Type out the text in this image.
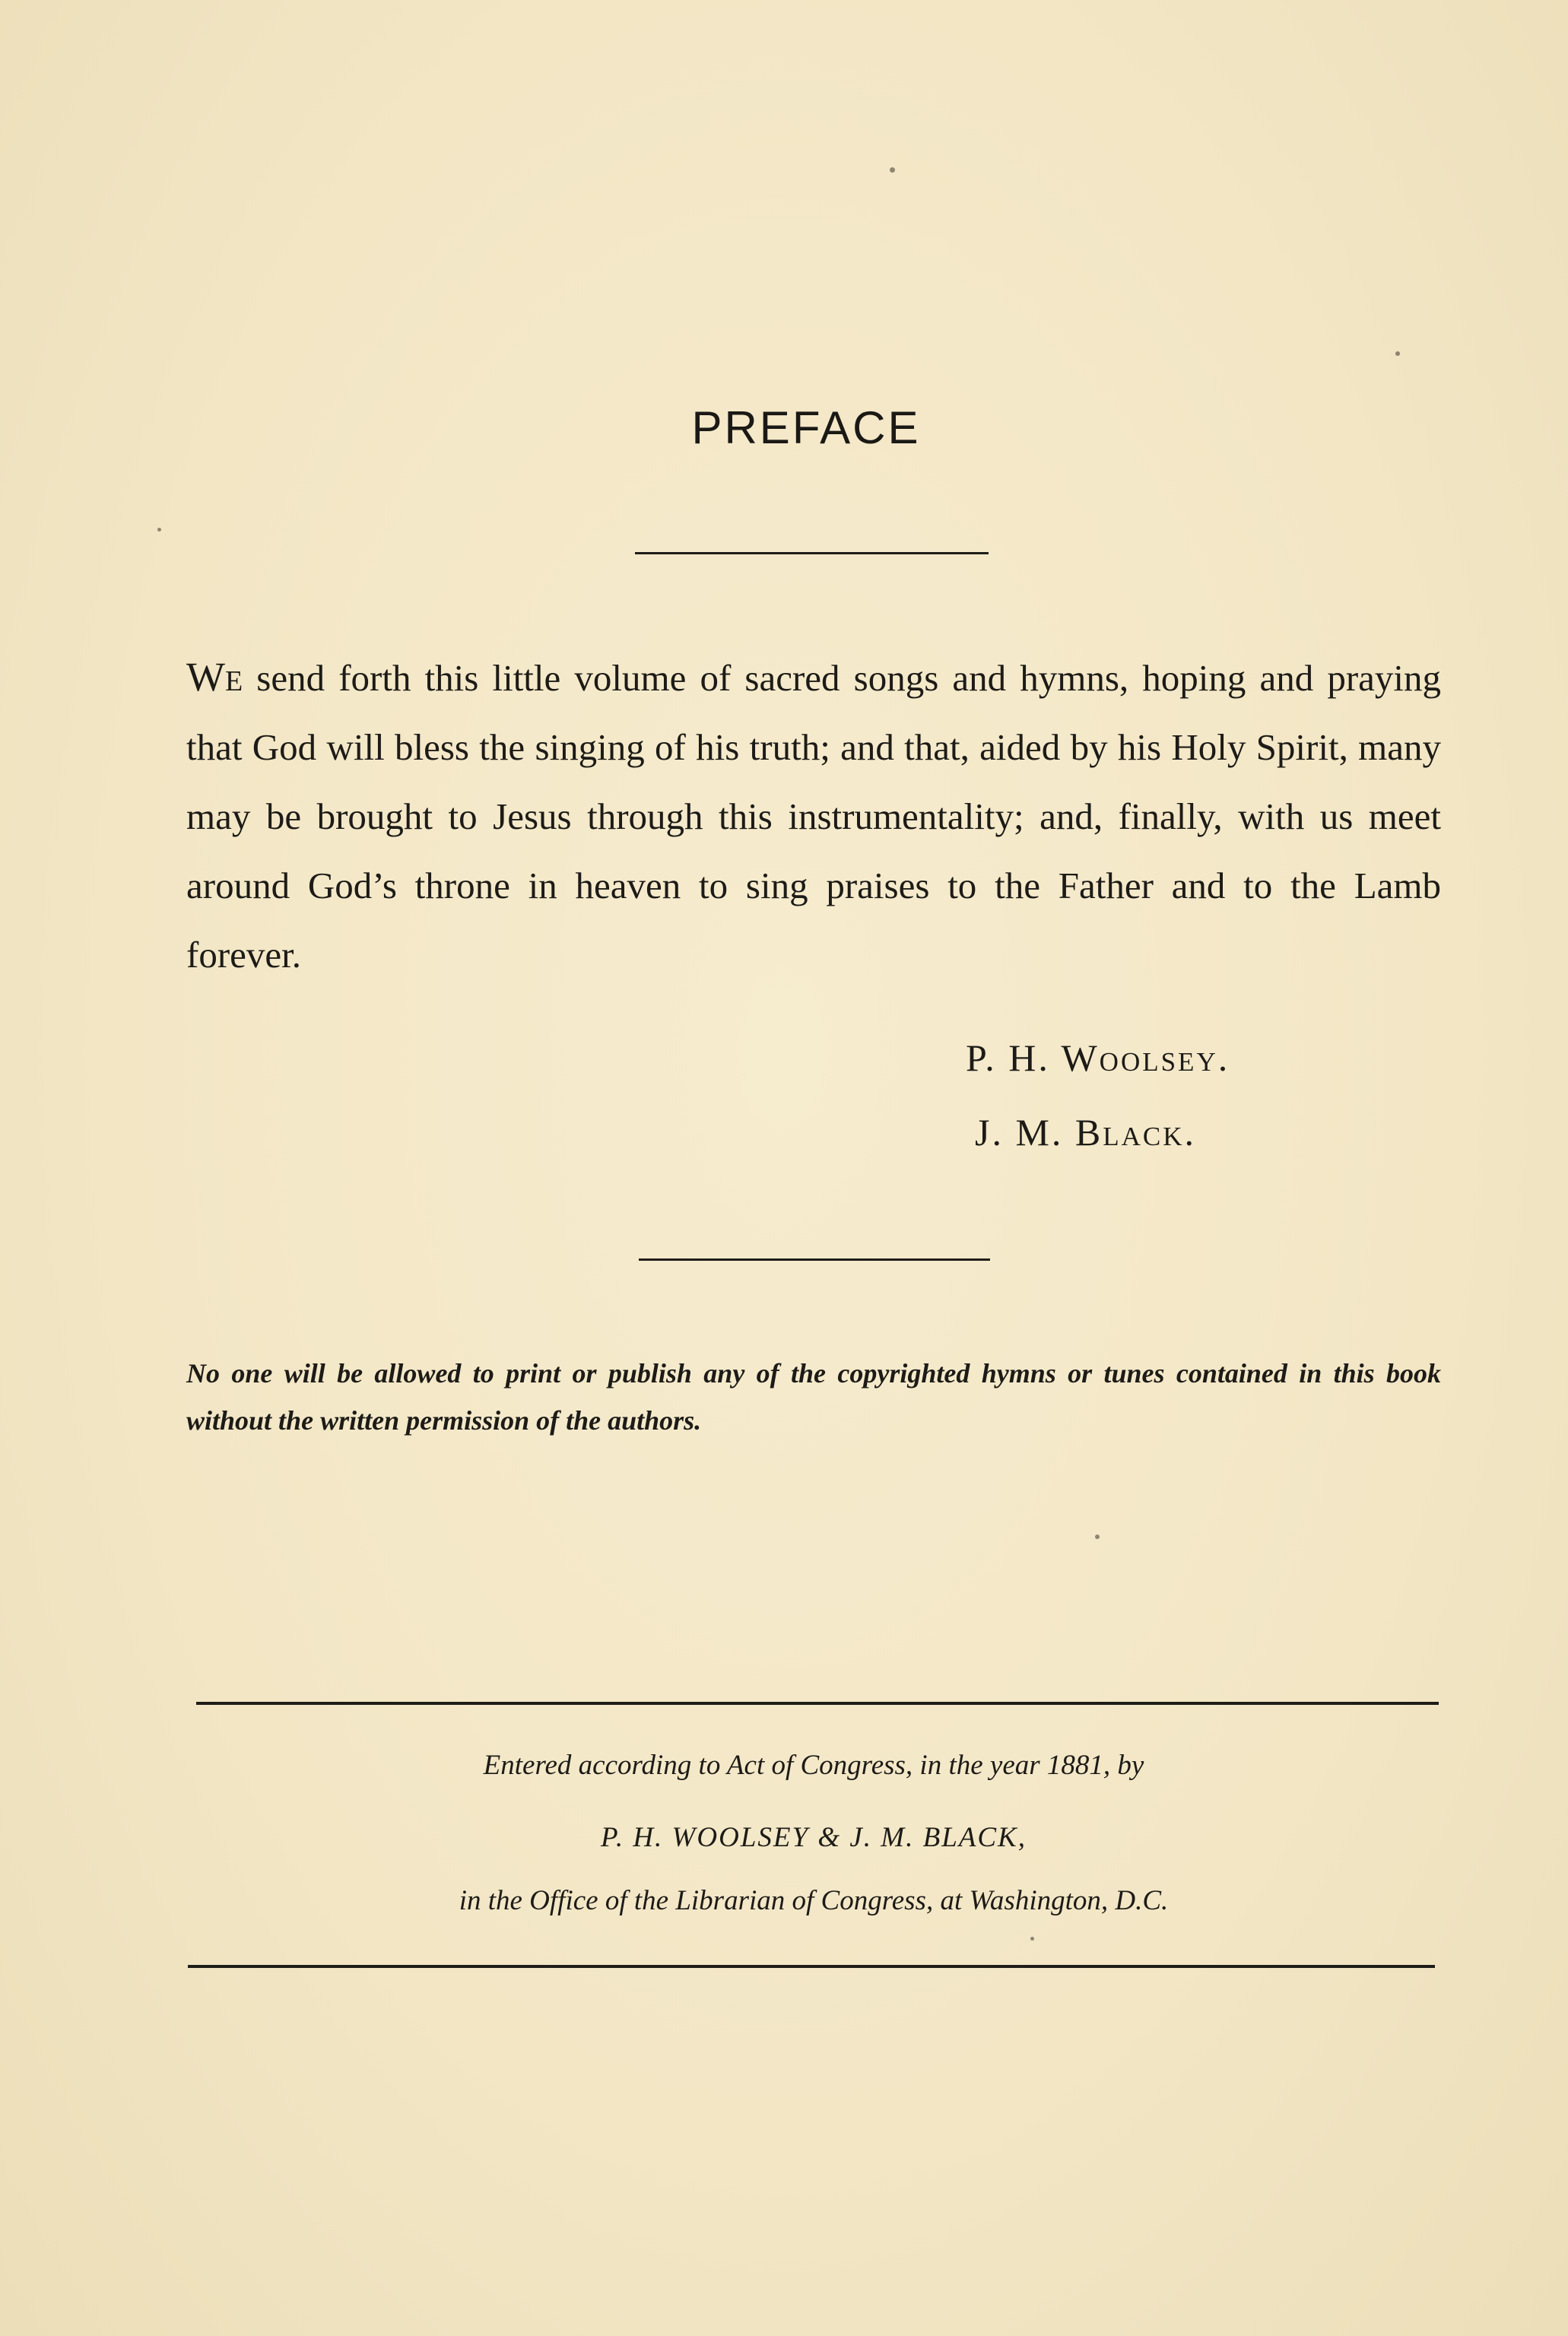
PREFACE
We send forth this little volume of sacred songs and hymns, hoping and praying that God will bless the singing of his truth; and that, aided by his Holy Spirit, many may be brought to Jesus through this instrumentality; and, finally, with us meet around God’s throne in heaven to sing praises to the Father and to the Lamb forever.
P. H. Woolsey.
J. M. Black.
No one will be allowed to print or publish any of the copyrighted hymns or tunes contained in this book without the written permission of the authors.
Entered according to Act of Congress, in the year 1881, by
P. H. WOOLSEY & J. M. BLACK,
in the Office of the Librarian of Congress, at Washington, D.C.
